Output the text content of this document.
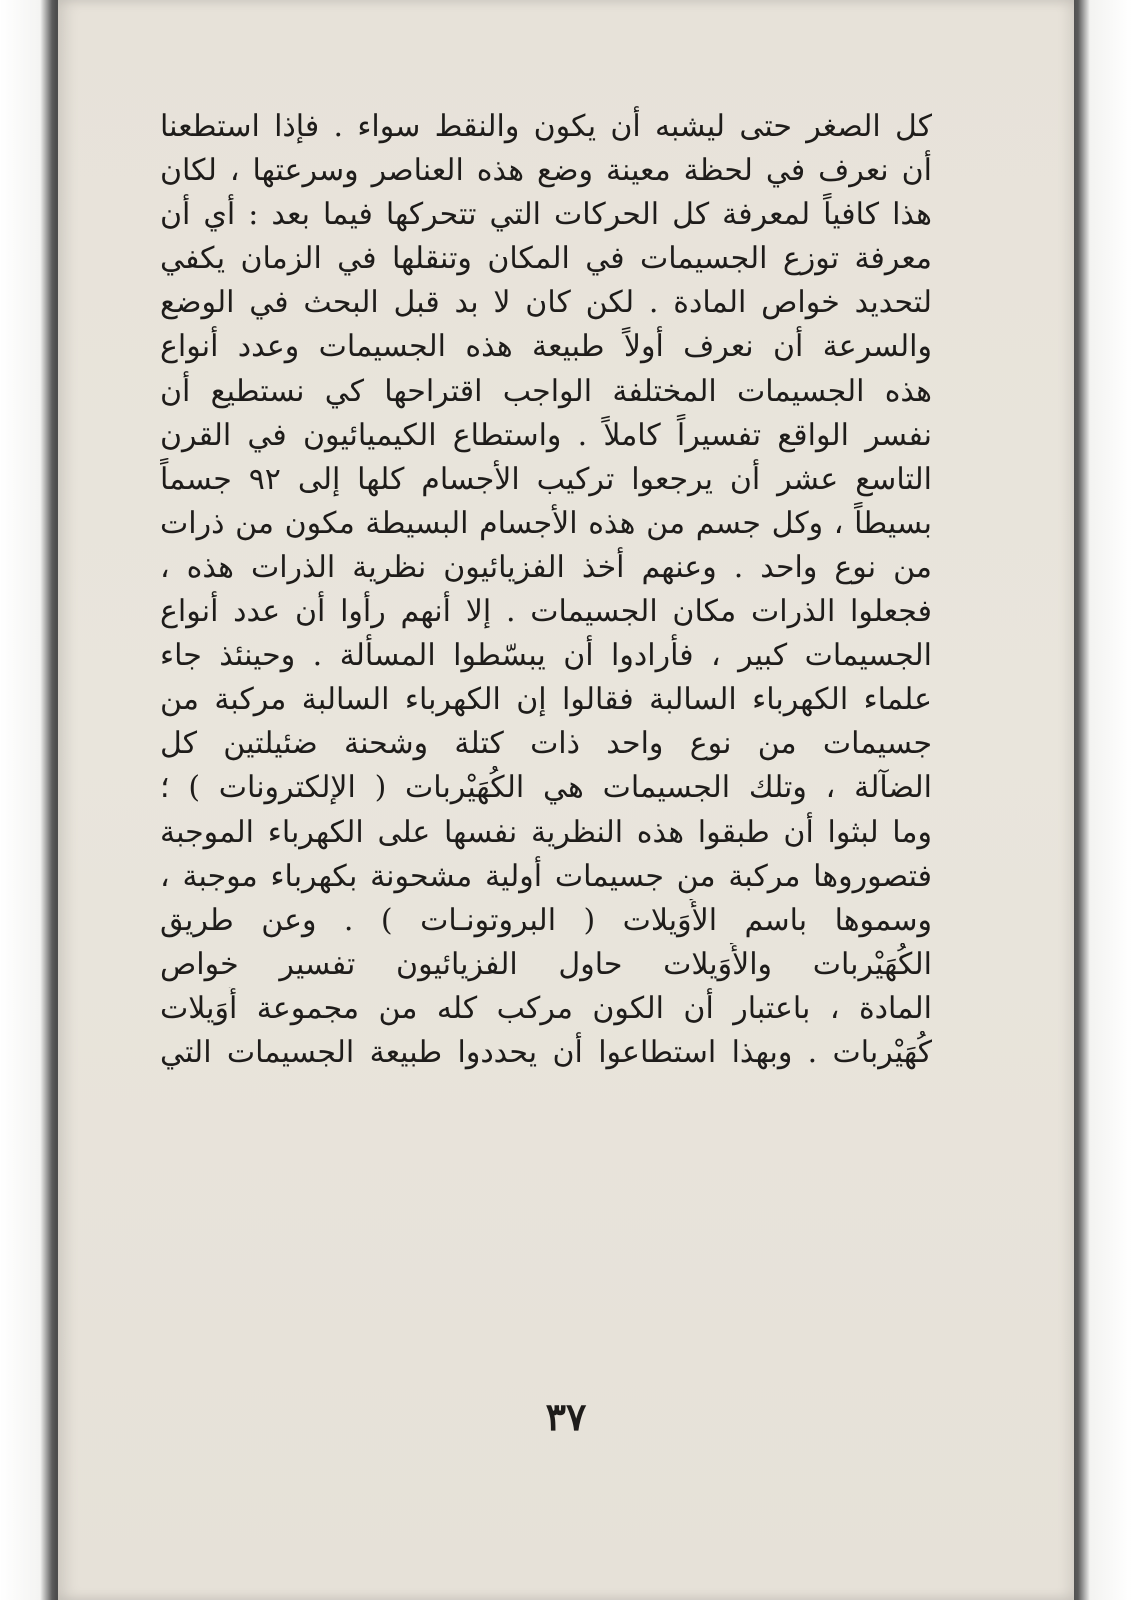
كل الصغر حتى ليشبه أن يكون والنقط سواء . فإذا استطعنا
أن نعرف في لحظة معينة وضع هذه العناصر وسرعتها ، لكان
هذا كافياً لمعرفة كل الحركات التي تتحركها فيما بعد : أي أن
معرفة توزع الجسيمات في المكان وتنقلها في الزمان يكفي
لتحديد خواص المادة . لكن كان لا بد قبل البحث في الوضع
والسرعة أن نعرف أولاً طبيعة هذه الجسيمات وعدد أنواع
هذه الجسيمات المختلفة الواجب اقتراحها كي نستطيع أن
نفسر الواقع تفسيراً كاملاً . واستطاع الكيميائيون في القرن
التاسع عشر أن يرجعوا تركيب الأجسام كلها إلى ٩٢ جسماً
بسيطاً ، وكل جسم من هذه الأجسام البسيطة مكون من ذرات
من نوع واحد . وعنهم أخذ الفزيائيون نظرية الذرات هذه ،
فجعلوا الذرات مكان الجسيمات . إلا أنهم رأوا أن عدد أنواع
الجسيمات كبير ، فأرادوا أن يبسّطوا المسألة . وحينئذ جاء
علماء الكهرباء السالبة فقالوا إن الكهرباء السالبة مركبة من
جسيمات من نوع واحد ذات كتلة وشحنة ضئيلتين كل
الضآلة ، وتلك الجسيمات هي الكُهَيْربات ( الإلكترونات ) ؛
وما لبثوا أن طبقوا هذه النظرية نفسها على الكهرباء الموجبة
فتصوروها مركبة من جسيمات أولية مشحونة بكهرباء موجبة ،
وسموها باسم الأُوَيلات ( البروتونـات ) . وعن طريق
الكُهَيْربات والأُوَيلات حاول الفزيائيون تفسير خواص
المادة ، باعتبار أن الكون مركب كله من مجموعة أُوَيلات
كُهَيْربات . وبهذا استطاعوا أن يحددوا طبيعة الجسيمات التي
٣٧
